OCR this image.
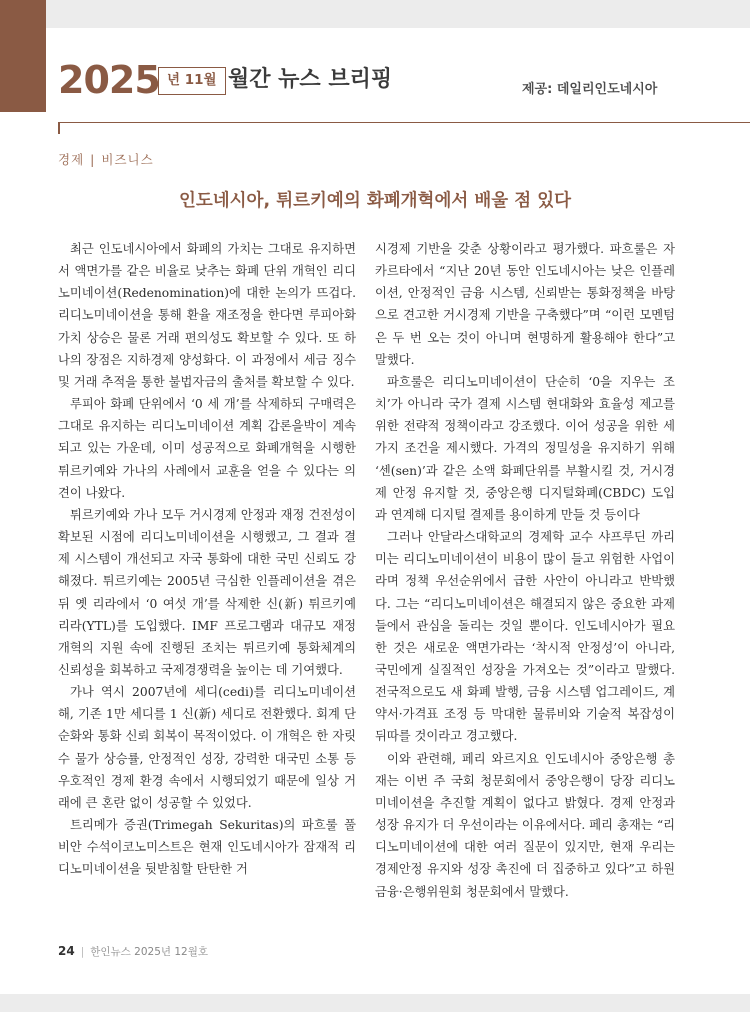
2025 년 11월 월간 뉴스 브리핑	제공: 데일리인도네시아
경제 | 비즈니스
인도네시아, 튀르키예의 화폐개혁에서 배울 점 있다

최근 인도네시아에서 화폐의 가치는 그대로 유지하면서 액면가를 같은 비율로 낮추는 화폐 단위 개혁인 리디노미네이션(Redenomination)에 대한 논의가 뜨겁다. 리디노미네이션을 통해 환율 재조정을 한다면 루피아화 가치 상승은 물론 거래 편의성도 확보할 수 있다. 또 하나의 장점은 지하경제 양성화다. 이 과정에서 세금 징수 및 거래 추적을 통한 불법자금의 출처를 확보할 수 있다.

루피아 화폐 단위에서 ‘0 세 개’를 삭제하되 구매력은 그대로 유지하는 리디노미네이션 계획 갑론을박이 계속되고 있는 가운데, 이미 성공적으로 화폐개혁을 시행한 튀르키예와 가나의 사례에서 교훈을 얻을 수 있다는 의견이 나왔다.

튀르키예와 가나 모두 거시경제 안정과 재정 건전성이 확보된 시점에 리디노미네이션을 시행했고, 그 결과 결제 시스템이 개선되고 자국 통화에 대한 국민 신뢰도 강해졌다. 튀르키예는 2005년 극심한 인플레이션을 겪은 뒤 옛 리라에서 ‘0 여섯 개’를 삭제한 신(新) 튀르키예 리라(YTL)를 도입했다. IMF 프로그램과 대규모 재정 개혁의 지원 속에 진행된 조치는 튀르키예 통화체계의 신뢰성을 회복하고 국제경쟁력을 높이는 데 기여했다.

가나 역시 2007년에 세디(cedi)를 리디노미네이션해, 기존 1만 세디를 1 신(新) 세디로 전환했다. 회계 단순화와 통화 신뢰 회복이 목적이었다. 이 개혁은 한 자릿수 물가 상승률, 안정적인 성장, 강력한 대국민 소통 등 우호적인 경제 환경 속에서 시행되었기 때문에 일상 거래에 큰 혼란 없이 성공할 수 있었다.

트리메가 증권(Trimegah Sekuritas)의 파흐룰 풀비안 수석이코노미스트은 현재 인도네시아가 잠재적 리디노미네이션을 뒷받침할 탄탄한 거

시경제 기반을 갖춘 상황이라고 평가했다. 파흐룰은 자카르타에서 “지난 20년 동안 인도네시아는 낮은 인플레이션, 안정적인 금융 시스템, 신뢰받는 통화정책을 바탕으로 견고한 거시경제 기반을 구축했다”며 “이런 모멘텀은 두 번 오는 것이 아니며 현명하게 활용해야 한다”고 말했다.

파흐룰은 리디노미네이션이 단순히 ‘0을 지우는 조치’가 아니라 국가 결제 시스템 현대화와 효율성 제고를 위한 전략적 정책이라고 강조했다. 이어 성공을 위한 세 가지 조건을 제시했다. 가격의 정밀성을 유지하기 위해 ‘센(sen)’과 같은 소액 화폐단위를 부활시킬 것, 거시경제 안정 유지할 것, 중앙은행 디지털화폐(CBDC) 도입과 연계해 디지털 결제를 용이하게 만들 것 등이다

그러나 안달라스대학교의 경제학 교수 샤프루딘 까리미는 리디노미네이션이 비용이 많이 들고 위험한 사업이라며 정책 우선순위에서 급한 사안이 아니라고 반박했다. 그는 “리디노미네이션은 해결되지 않은 중요한 과제들에서 관심을 돌리는 것일 뿐이다. 인도네시아가 필요한 것은 새로운 액면가라는 ‘착시적 안정성’이 아니라, 국민에게 실질적인 성장을 가져오는 것”이라고 말했다. 전국적으로도 새 화폐 발행, 금융 시스템 업그레이드, 계약서·가격표 조정 등 막대한 물류비와 기술적 복잡성이 뒤따를 것이라고 경고했다.

이와 관련해, 페리 와르지요 인도네시아 중앙은행 총재는 이번 주 국회 청문회에서 중앙은행이 당장 리디노미네이션을 추진할 계획이 없다고 밝혔다. 경제 안정과 성장 유지가 더 우선이라는 이유에서다. 페리 총재는 “리디노미네이션에 대한 여러 질문이 있지만, 현재 우리는 경제안정 유지와 성장 촉진에 더 집중하고 있다”고 하원 금융·은행위원회 청문회에서 말했다.

24 | 한인뉴스 2025년 12월호
